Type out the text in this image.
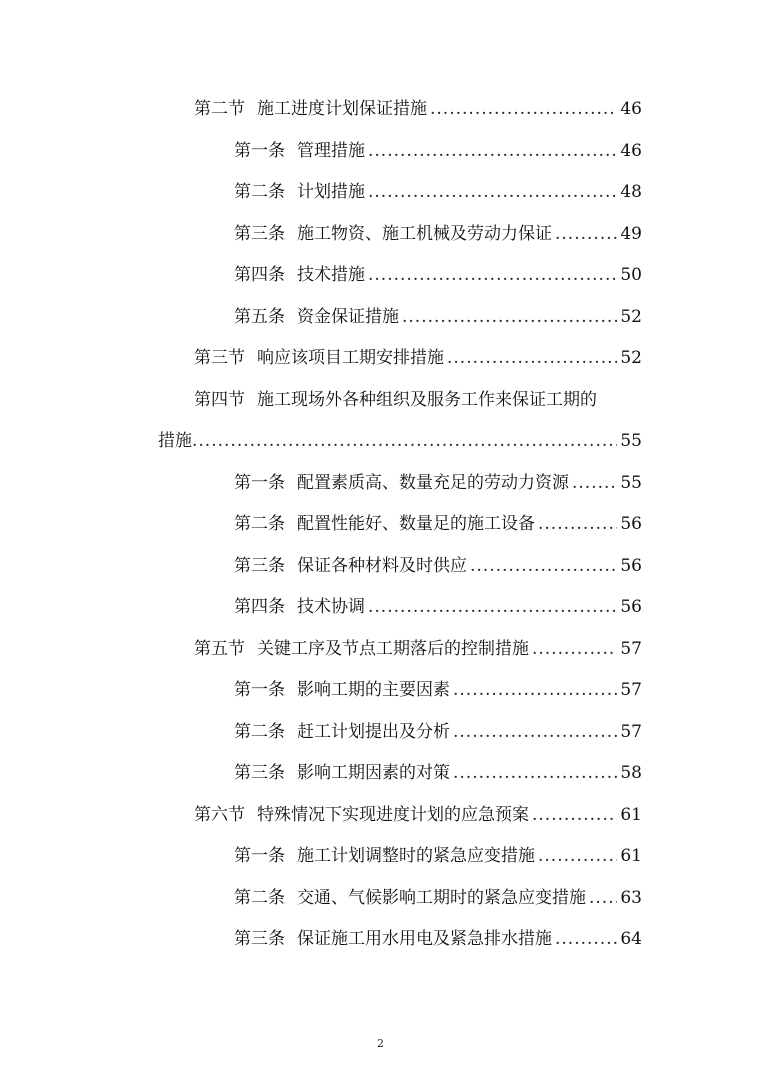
第二节 施工进度计划保证措施 .....	46
第一条 管理措施 .....	46
第二条 计划措施 .....	48
第三条 施工物资、施工机械及劳动力保证 .....	49
第四条 技术措施 .....	50
第五条 资金保证措施 .....	52
第三节 响应该项目工期安排措施 .....	52
第四节 施工现场外各种组织及服务工作来保证工期的
措施 .....	55
第一条 配置素质高、数量充足的劳动力资源 .....	55
第二条 配置性能好、数量足的施工设备 .....	56
第三条 保证各种材料及时供应 .....	56
第四条 技术协调 .....	56
第五节 关键工序及节点工期落后的控制措施 .....	57
第一条 影响工期的主要因素 .....	57
第二条 赶工计划提出及分析 .....	57
第三条 影响工期因素的对策 .....	58
第六节 特殊情况下实现进度计划的应急预案 .....	61
第一条 施工计划调整时的紧急应变措施 .....	61
第二条 交通、气候影响工期时的紧急应变措施 ..... 63
第三条 保证施工用水用电及紧急排水措施 .....	64
2
